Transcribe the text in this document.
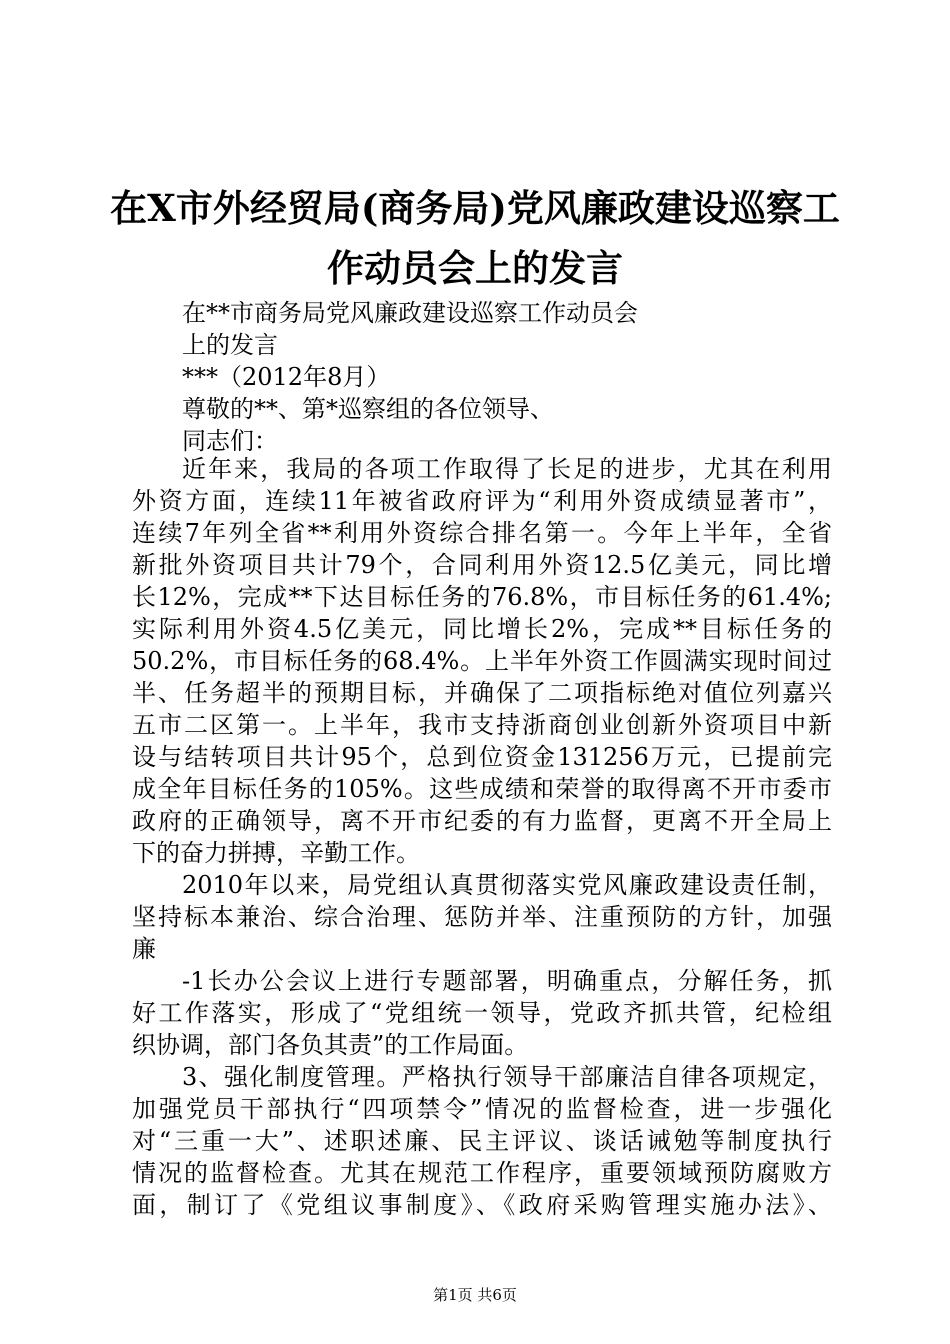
在X市外经贸局(商务局)党风廉政建设巡察工
作动员会上的发言
在**市商务局党风廉政建设巡察工作动员会
上的发言
***（2012年8月）
尊敬的**、第*巡察组的各位领导、
同志们：
近年来，我局的各项工作取得了长足的进步，尤其在利用
外资方面，连续11年被省政府评为“利用外资成绩显著市”，
连续7年列全省**利用外资综合排名第一。今年上半年，全省
新批外资项目共计79个，合同利用外资12.5亿美元，同比增
长12%，完成**下达目标任务的76.8%，市目标任务的61.4%;
实际利用外资4.5亿美元，同比增长2%，完成**目标任务的
50.2%，市目标任务的68.4%。上半年外资工作圆满实现时间过
半、任务超半的预期目标，并确保了二项指标绝对值位列嘉兴
五市二区第一。上半年，我市支持浙商创业创新外资项目中新
设与结转项目共计95个，总到位资金131256万元，已提前完
成全年目标任务的105%。这些成绩和荣誉的取得离不开市委市
政府的正确领导，离不开市纪委的有力监督，更离不开全局上
下的奋力拼搏，辛勤工作。
2010年以来，局党组认真贯彻落实党风廉政建设责任制，
坚持标本兼治、综合治理、惩防并举、注重预防的方针，加强
廉
-1长办公会议上进行专题部署，明确重点，分解任务，抓
好工作落实，形成了“党组统一领导，党政齐抓共管，纪检组
织协调，部门各负其责”的工作局面。
3、强化制度管理。严格执行领导干部廉洁自律各项规定，
加强党员干部执行“四项禁令”情况的监督检查，进一步强化
对“三重一大”、述职述廉、民主评议、谈话诫勉等制度执行
情况的监督检查。尤其在规范工作程序，重要领域预防腐败方
面，制订了《党组议事制度》、《政府采购管理实施办法》、
第1页 共6页
